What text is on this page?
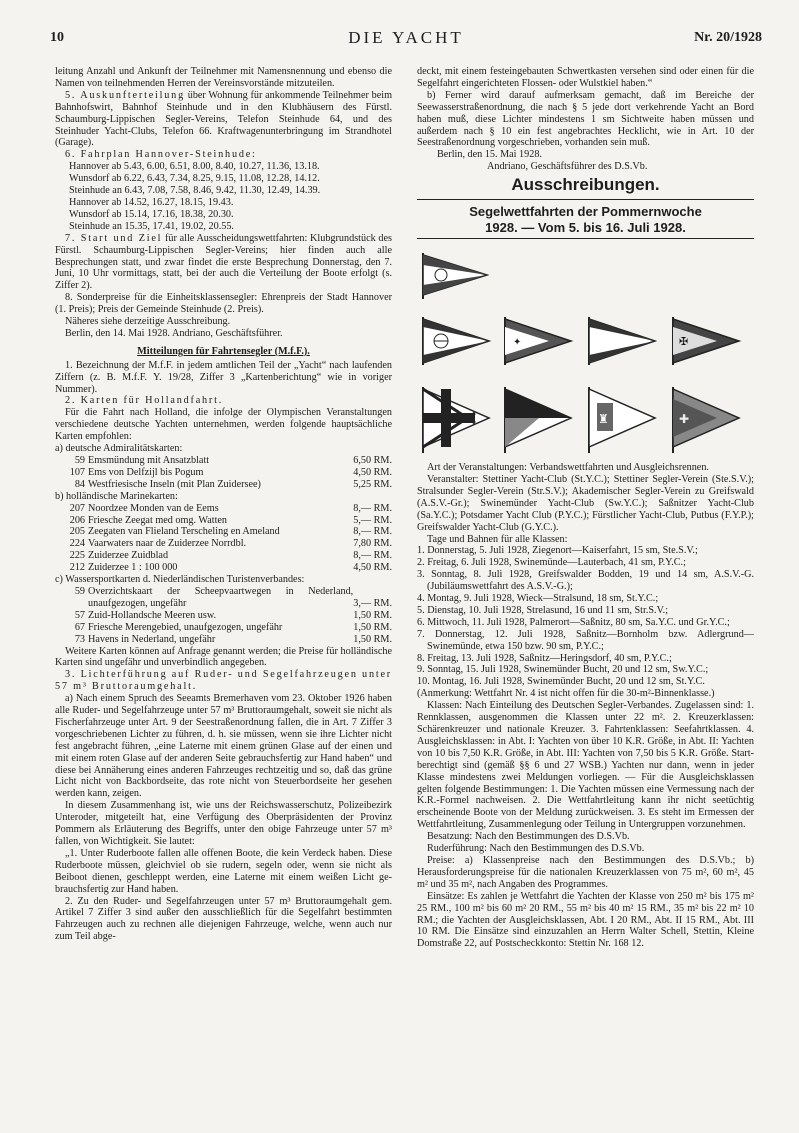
10	DIE YACHT	Nr. 20/1928

leitung Anzahl und Ankunft der Teilnehmer mit Namensnennung und ebenso die Namen von teilnehmenden Herren der Vereinsvorstände mitzuteilen.

5. Auskunfterteilung über Wohnung für ankommende Teilnehmer beim Bahnhofswirt, Bahnhof Steinhude und in den Klubhäusern des Fürstl. Schaumburg-Lippischen Segler-Vereins, Telefon Steinhude 64, und des Steinhuder Yacht-Clubs, Telefon 66. Kraftwagenunterbringung im Strandhotel (Garage).

6. Fahrplan Hannover-Steinhude:

Hannover ab 5.43, 6.00, 6.51, 8.00, 8.40, 10.27, 11.36, 13.18.
Wunsdorf ab 6.22, 6.43, 7.34, 8.25, 9.15, 11.08, 12.28, 14.12.
Steinhude an 6.43, 7.08, 7.58, 8.46, 9.42, 11.30, 12.49, 14.39.
Hannover ab 14.52, 16.27, 18.15, 19.43.
Wunsdorf ab 15.14, 17.16, 18.38, 20.30.
Steinhude an 15.35, 17.41, 19.02, 20.55.

7. Start und Ziel für alle Ausscheidungswettfahrten: Klubgrundstück des Fürstl. Schaumburg-Lippischen Segler-Vereins; hier finden auch alle Besprechungen statt, und zwar findet die erste Besprechung Donnerstag, den 7. Juni, 10 Uhr vormittags, statt, bei der auch die Verteilung der Boote erfolgt (s. Ziffer 2).

8. Sonderpreise für die Einheitsklassensegler: Ehrenpreis der Stadt Hannover (1. Preis); Preis der Gemeinde Steinhude (2. Preis).

Näheres siehe derzeitige Ausschreibung.

Berlin, den 14. Mai 1928. Andriano, Geschäftsführer.

Mitteilungen für Fahrtensegler (M.f.F.).

1. Bezeichnung der M.f.F. in jedem amtlichen Teil der „Yacht“ nach laufenden Ziffern (z. B. M.f.F. Y. 19/28, Ziffer 3 „Kartenberichtung“ wie in voriger Nummer).

2. Karten für Hollandfahrt.

Für die Fahrt nach Holland, die infolge der Olympischen Veranstaltungen verschiedene deutsche Yachten unternehmen, werden folgende hauptsächliche Karten empfohlen:

a) deutsche Admiralitätskarten:
59	Emsmündung mit Ansatzblatt	6,50 RM.
107	Ems von Delfzijl bis Pogum	4,50 RM.
84	Westfriesische Inseln (mit Plan Zuidersee)	5,25 RM.
b) holländische Marinekarten:
207	Noordzee Monden van de Eems	8,— RM.
206	Friesche Zeegat med omg. Watten	5,— RM.
205	Zeegaten van Flieland Terscheling en Ameland	8,— RM.
224	Vaarwaters naar de Zuiderzee Norrdbl.	7,80 RM.
225	Zuiderzee Zuidblad	8,— RM.
212	Zuiderzee 1 : 100 000	4,50 RM.
c) Wassersportkarten d. Niederländischen Turistenverbandes:
59	Overzichtskaart der Scheepvaartwegen in Nederland, unaufgezogen, ungefähr	3,— RM.
57	Zuid-Hollandsche Meeren usw.	1,50 RM.
67	Friesche Merengebied, unaufgezogen, ungefähr	1,50 RM.
73	Havens in Nederland, ungefähr	1,50 RM.

Weitere Karten können auf Anfrage genannt werden; die Preise für holländische Karten sind ungefähr und unverbindlich angegeben.

3. Lichterführung auf Ruder- und Segelfahrzeugen unter 57 m³ Bruttoraumgehalt.

a) Nach einem Spruch des Seeamts Bremerhaven vom 23. Oktober 1926 haben alle Ruder- und Segelfahrzeuge unter 57 m³ Bruttoraumgehalt, soweit sie nicht als Fischerfahrzeuge unter Art. 9 der Seestraßenordnung fallen, die in Art. 7 Ziffer 3 vorgeschriebenen Lichter zu führen, d. h. sie müssen, wenn sie ihre Lichter nicht fest angebracht führen, „eine Laterne mit einem grünen Glase auf der einen und mit einem roten Glase auf der anderen Seite gebrauchsfertig zur Hand haben“ und diese bei Annäherung eines anderen Fahrzeuges rechtzeitig und so, daß das grüne Licht nicht von Backbordseite, das rote nicht von Steuerbordseite her gesehen werden kann, zeigen.

In diesem Zusammenhang ist, wie uns der Reichswasserschutz, Polizeibezirk Unteroder, mitgeteilt hat, eine Verfügung des Oberpräsidenten der Provinz Pommern als Erläuterung des Begriffs, unter den obige Fahrzeuge unter 57 m³ fallen, von Wichtigkeit. Sie lautet:

„1. Unter Ruderboote fallen alle offenen Boote, die kein Verdeck haben. Diese Ruderboote müssen, gleichviel ob sie rudern, segeln oder, wenn sie nicht als Beiboot dienen, geschleppt werden, eine Laterne mit einem weißen Licht gebrauchsfertig zur Hand haben.

2. Zu den Ruder- und Segelfahrzeugen unter 57 m³ Bruttoraumgehalt gem. Artikel 7 Ziffer 3 sind außer den ausschließlich für die Segelfahrt bestimmten Fahrzeugen auch zu rechnen alle diejenigen Fahrzeuge, welche, wenn auch nur zum Teil abge-

deckt, mit einem festeingebauten Schwertkasten versehen sind oder einen für die Segelfahrt eingerichteten Flossen- oder Wulstkiel haben.“

b) Ferner wird darauf aufmerksam gemacht, daß im Bereiche der Seewasserstraßenordnung, die nach § 5 jede dort verkehrende Yacht an Bord haben muß, diese Lichter mindestens 1 sm Sichtweite haben müssen und außerdem nach § 10 ein fest angebrachtes Hecklicht, wie in Art. 10 der Seestraßenordnung vorgeschrieben, vorhanden sein muß.

Berlin, den 15. Mai 1928.

Andriano, Geschäftsführer des D.S.Vb.

Ausschreibungen.
Segelwettfahrten der Pommernwoche
1928. — Vom 5. bis 16. Juli 1928.
✦	✠
♜	✚

Art der Veranstaltungen: Verbandswettfahrten und Ausgleichsrennen.

Veranstalter: Stettiner Yacht-Club (St.Y.C.); Stettiner Segler-Verein (Ste.S.V.); Stralsunder Segler-Verein (Str.S.V.); Akademischer Segler-Verein zu Greifswald (A.S.V.-Gr.); Swinemünder Yacht-Club (Sw.Y.C.); Saßnitzer Yacht-Club (Sa.Y.C.); Potsdamer Yacht Club (P.Y.C.); Fürstlicher Yacht-Club, Putbus (F.Y.P.); Greifswalder Yacht-Club (G.Y.C.).

Tage und Bahnen für alle Klassen:

1. Donnerstag, 5. Juli 1928, Ziegenort—Kaiserfahrt, 15 sm, Ste.S.V.;
2. Freitag, 6. Juli 1928, Swinemünde—Lauterbach, 41 sm, P.Y.C.;
3. Sonntag, 8. Juli 1928, Greifswalder Bodden, 19 und 14 sm, A.S.V.-G. (Jubiläumswettfahrt des A.S.V.-G.);
4. Montag, 9. Juli 1928, Wieck—Stralsund, 18 sm, St.Y.C.;
5. Dienstag, 10. Juli 1928, Strelasund, 16 und 11 sm, Str.S.V.;
6. Mittwoch, 11. Juli 1928, Palmerort—Saßnitz, 80 sm, Sa.Y.C. und Gr.Y.C.;
7. Donnerstag, 12. Juli 1928, Saßnitz—Bornholm bzw. Adlergrund—Swinemünde, etwa 150 bzw. 90 sm, P.Y.C.;
8. Freitag, 13. Juli 1928, Saßnitz—Heringsdorf, 40 sm, P.Y.C.;
9. Sonntag, 15. Juli 1928, Swinemünder Bucht, 20 und 12 sm, Sw.Y.C.;
10. Montag, 16. Juli 1928, Swinemünder Bucht, 20 und 12 sm, St.Y.C.

(Anmerkung: Wettfahrt Nr. 4 ist nicht offen für die 30-m²-Binnenklasse.)

Klassen: Nach Einteilung des Deutschen Segler-Verbandes. Zugelassen sind: 1. Rennklassen, ausgenommen die Klassen unter 22 m². 2. Kreuzerklassen: Schärenkreuzer und nationale Kreuzer. 3. Fahrtenklassen: Seefahrtklassen. 4. Ausgleichsklassen: in Abt. I: Yachten von über 10 K.R. Größe, in Abt. II: Yachten von 10 bis 7,50 K.R. Größe, in Abt. III: Yachten von 7,50 bis 5 K.R. Größe. Startberechtigt sind (gemäß §§ 6 und 27 WSB.) Yachten nur dann, wenn in jeder Klasse mindestens zwei Meldungen vorliegen. — Für die Ausgleichsklassen gelten folgende Bestimmungen: 1. Die Yachten müssen eine Vermessung nach der K.R.-Formel nachweisen. 2. Die Wettfahrtleitung kann ihr nicht seetüchtig erscheinende Boote von der Meldung zurückweisen. 3. Es steht im Ermessen der Wettfahrtleitung, Zusammenlegung oder Teilung in Untergruppen vorzunehmen.

Besatzung: Nach den Bestimmungen des D.S.Vb.

Ruderführung: Nach den Bestimmungen des D.S.Vb.

Preise: a) Klassenpreise nach den Bestimmungen des D.S.Vb.; b) Herausforderungspreise für die nationalen Kreuzerklassen von 75 m², 60 m², 45 m² und 35 m², nach Angaben des Programmes.

Einsätze: Es zahlen je Wettfahrt die Yachten der Klasse von 250 m² bis 175 m² 25 RM., 100 m² bis 60 m² 20 RM., 55 m² bis 40 m² 15 RM., 35 m² bis 22 m² 10 RM.; die Yachten der Ausgleichsklassen, Abt. I 20 RM., Abt. II 15 RM., Abt. III 10 RM. Die Einsätze sind einzuzahlen an Herrn Walter Schell, Stettin, Kleine Domstraße 22, auf Postscheckkonto: Stettin Nr. 168 12.
